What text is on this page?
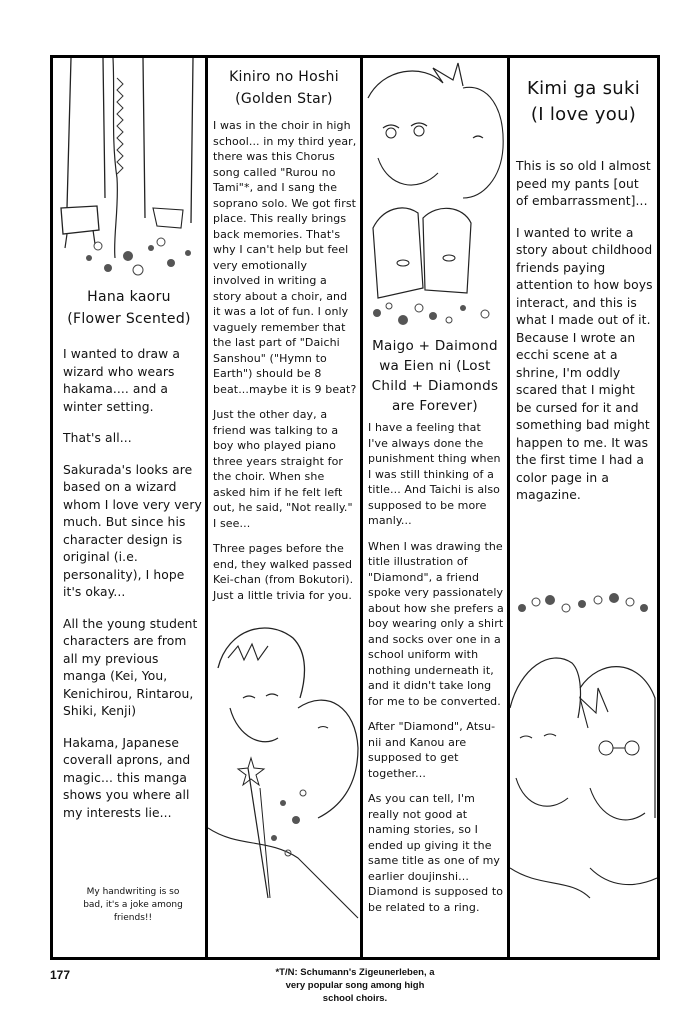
Hana kaoru
(Flower Scented)

I wanted to draw a wizard who wears hakama.... and a winter setting.

That's all...

Sakurada's looks are based on a wizard whom I love very very much. But since his character design is original (i.e. personality), I hope it's okay...

All the young student characters are from all my previous manga (Kei, You, Kenichirou, Rintarou, Shiki, Kenji)

Hakama, Japanese coverall aprons, and magic... this manga shows you where all my interests lie...

My handwriting is so bad, it's a joke among friends!!
Kiniro no Hoshi
(Golden Star)

I was in the choir in high school... in my third year, there was this Chorus song called "Rurou no Tami"*, and I sang the soprano solo. We got first place. This really brings back memories. That's why I can't help but feel very emotionally involved in writing a story about a choir, and it was a lot of fun. I only vaguely remember that the last part of "Daichi Sanshou" ("Hymn to Earth") should be 8 beat...maybe it is 9 beat?

Just the other day, a friend was talking to a boy who played piano three years straight for the choir. When she asked him if he felt left out, he said, "Not really." I see...

Three pages before the end, they walked passed Kei-chan (from Bokutori). Just a little trivia for you.

Maigo + Daimond
wa Eien ni (Lost
Child + Diamonds
are Forever)

I have a feeling that I've always done the punishment thing when I was still thinking of a title... And Taichi is also supposed to be more manly...

When I was drawing the title illustration of "Diamond", a friend spoke very passionately about how she prefers a boy wearing only a shirt and socks over one in a school uniform with nothing underneath it, and it didn't take long for me to be converted.

After "Diamond", Atsu-nii and Kanou are supposed to get together...

As you can tell, I'm really not good at naming stories, so I ended up giving it the same title as one of my earlier doujinshi... Diamond is supposed to be related to a ring.

Kimi ga suki
(I love you)

This is so old I almost peed my pants [out of embarrassment]...

I wanted to write a story about childhood friends paying attention to how boys interact, and this is what I made out of it. Because I wrote an ecchi scene at a shrine, I'm oddly scared that I might be cursed for it and something bad might happen to me. It was the first time I had a color page in a magazine.

177	*T/N: Schumann's Zigeunerleben, a very popular song among high school choirs.
